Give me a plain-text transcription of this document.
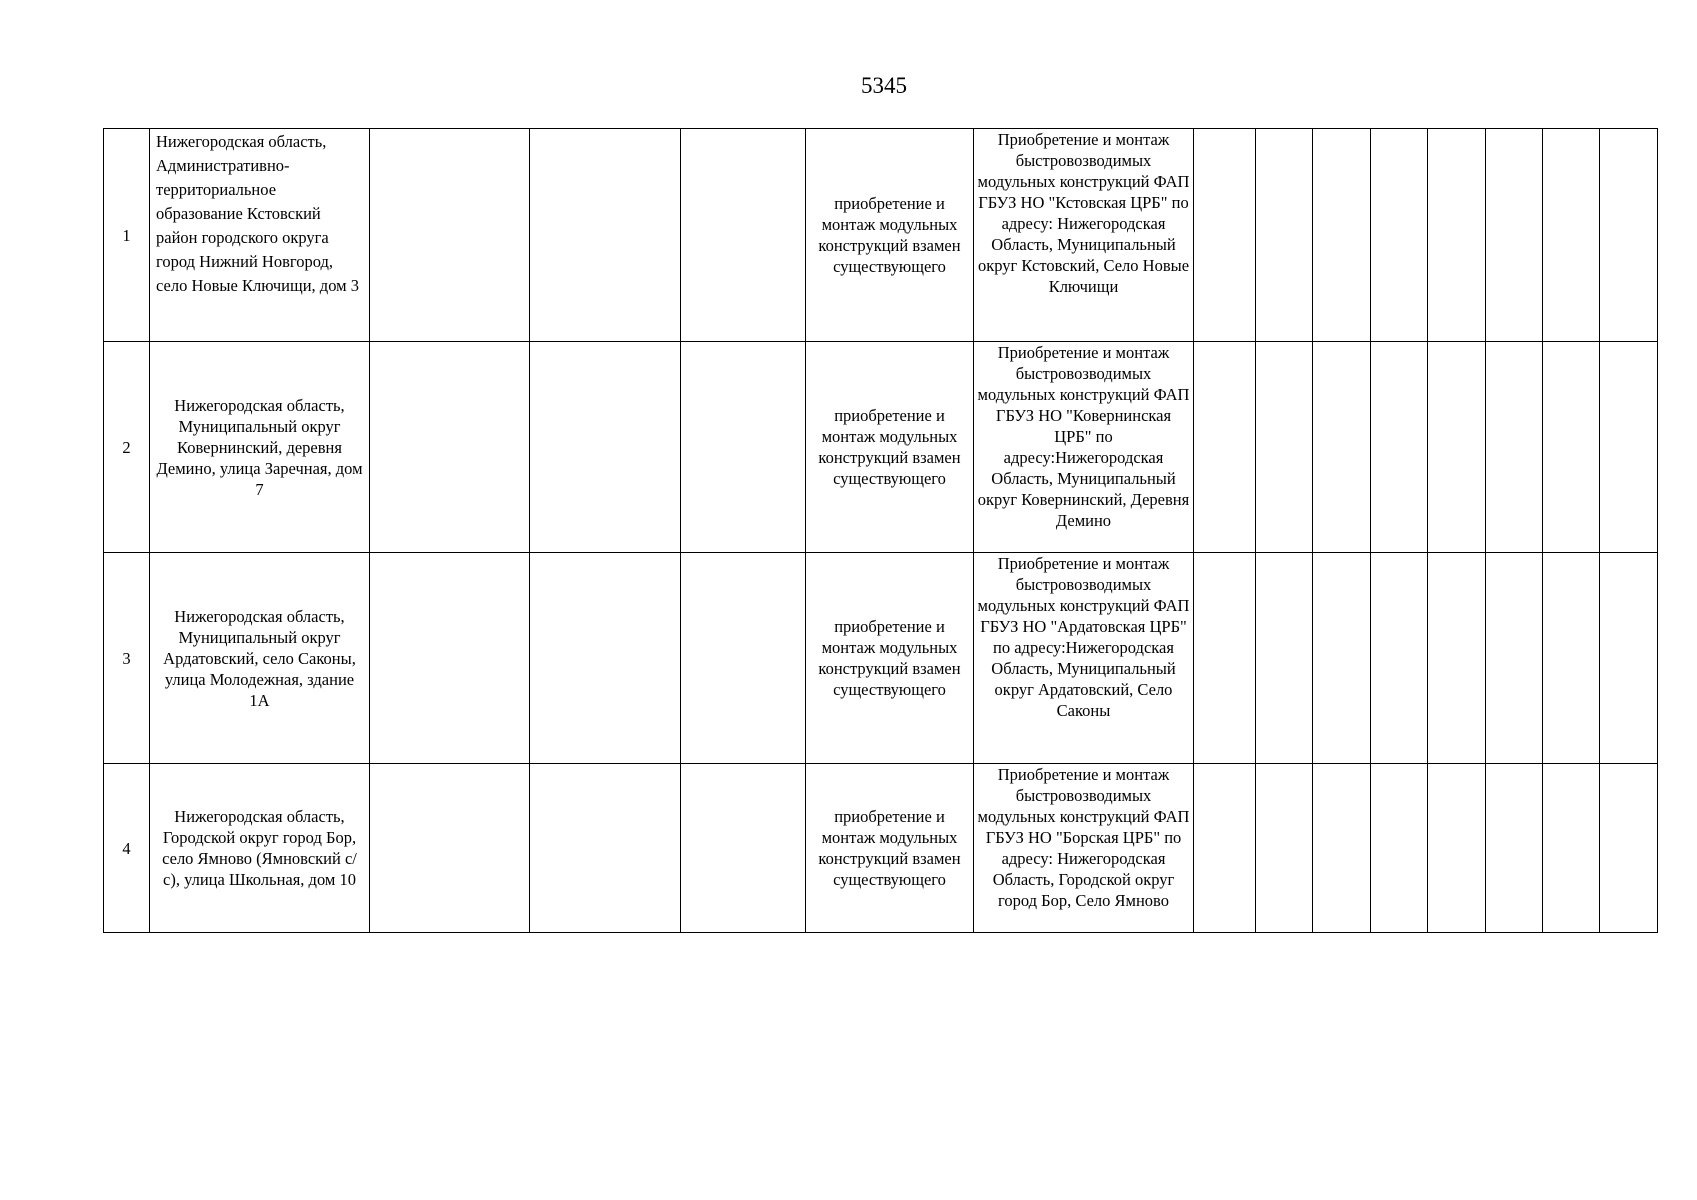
5345
1	Нижегородская область, Административно-территориальное образование Кстовский район городского округа город Нижний Новгород, село Новые Ключищи, дом 3				приобретение и монтаж модульных конструкций взамен существующего	Приобретение и монтаж быстровозводимых модульных конструкций ФАП ГБУЗ НО "Кстовская ЦРБ" по адресу: Нижегородская Область, Муниципальный округ Кстовский, Село Новые Ключищи								
2	Нижегородская область, Муниципальный округ Ковернинский, деревня Демино, улица Заречная, дом 7				приобретение и монтаж модульных конструкций взамен существующего	Приобретение и монтаж быстровозводимых модульных конструкций ФАП ГБУЗ НО "Ковернинская ЦРБ" по адресу:Нижегородская Область, Муниципальный округ Ковернинский, Деревня Демино								
3	Нижегородская область, Муниципальный округ Ардатовский, село Саконы, улица Молодежная, здание 1А				приобретение и монтаж модульных конструкций взамен существующего	Приобретение и монтаж быстровозводимых модульных конструкций ФАП ГБУЗ НО "Ардатовская ЦРБ" по адресу:Нижегородская Область, Муниципальный округ Ардатовский, Село Саконы								
4	Нижегородская область, Городской округ город Бор, село Ямново (Ямновский с/с), улица Школьная, дом 10				приобретение и монтаж модульных конструкций взамен существующего	Приобретение и монтаж быстровозводимых модульных конструкций ФАП ГБУЗ НО "Борская ЦРБ" по адресу: Нижегородская Область, Городской округ город Бор, Село Ямново								
